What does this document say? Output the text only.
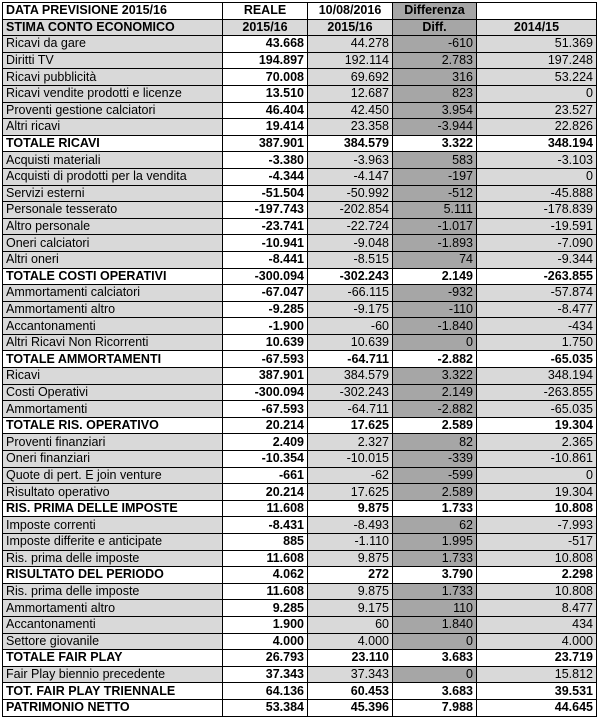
DATA PREVISIONE 2015/16	REALE	10/08/2016	Differenza	
STIMA CONTO ECONOMICO	2015/16	2015/16	Diff.	2014/15
Ricavi da gare	43.668	44.278	-610	51.369
Diritti TV	194.897	192.114	2.783	197.248
Ricavi pubblicità	70.008	69.692	316	53.224
Ricavi vendite prodotti e licenze	13.510	12.687	823	0
Proventi gestione calciatori	46.404	42.450	3.954	23.527
Altri ricavi	19.414	23.358	-3.944	22.826
TOTALE RICAVI	387.901	384.579	3.322	348.194
Acquisti materiali	-3.380	-3.963	583	-3.103
Acquisti di prodotti per la vendita	-4.344	-4.147	-197	0
Servizi esterni	-51.504	-50.992	-512	-45.888
Personale tesserato	-197.743	-202.854	5.111	-178.839
Altro personale	-23.741	-22.724	-1.017	-19.591
Oneri calciatori	-10.941	-9.048	-1.893	-7.090
Altri oneri	-8.441	-8.515	74	-9.344
TOTALE COSTI OPERATIVI	-300.094	-302.243	2.149	-263.855
Ammortamenti calciatori	-67.047	-66.115	-932	-57.874
Ammortamenti altro	-9.285	-9.175	-110	-8.477
Accantonamenti	-1.900	-60	-1.840	-434
Altri Ricavi Non Ricorrenti	10.639	10.639	0	1.750
TOTALE AMMORTAMENTI	-67.593	-64.711	-2.882	-65.035
Ricavi	387.901	384.579	3.322	348.194
Costi Operativi	-300.094	-302.243	2.149	-263.855
Ammortamenti	-67.593	-64.711	-2.882	-65.035
TOTALE RIS. OPERATIVO	20.214	17.625	2.589	19.304
Proventi finanziari	2.409	2.327	82	2.365
Oneri finanziari	-10.354	-10.015	-339	-10.861
Quote di pert. E join venture	-661	-62	-599	0
Risultato operativo	20.214	17.625	2.589	19.304
RIS. PRIMA DELLE IMPOSTE	11.608	9.875	1.733	10.808
Imposte correnti	-8.431	-8.493	62	-7.993
Imposte differite e anticipate	885	-1.110	1.995	-517
Ris. prima delle imposte	11.608	9.875	1.733	10.808
RISULTATO DEL PERIODO	4.062	272	3.790	2.298
Ris. prima delle imposte	11.608	9.875	1.733	10.808
Ammortamenti altro	9.285	9.175	110	8.477
Accantonamenti	1.900	60	1.840	434
Settore giovanile	4.000	4.000	0	4.000
TOTALE FAIR PLAY	26.793	23.110	3.683	23.719
Fair Play biennio precedente	37.343	37.343	0	15.812
TOT. FAIR PLAY TRIENNALE	64.136	60.453	3.683	39.531
PATRIMONIO NETTO	53.384	45.396	7.988	44.645
